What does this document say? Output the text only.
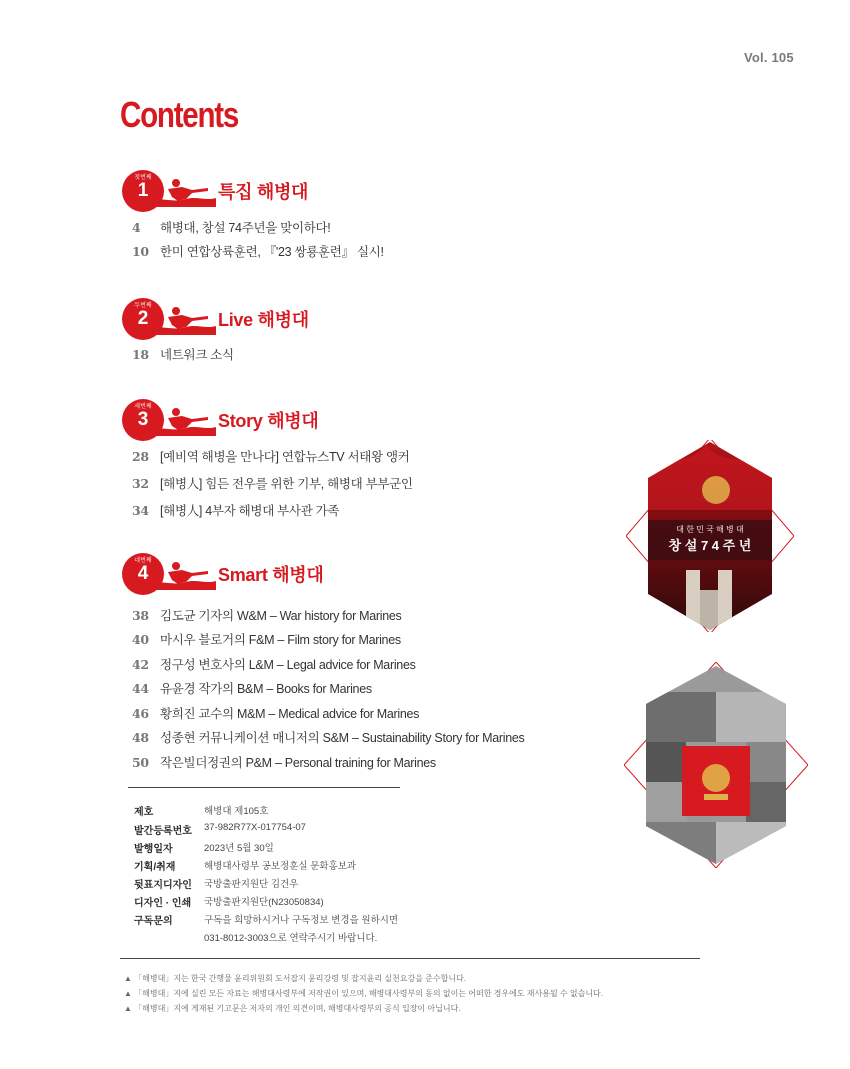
Vol. 105
Contents
첫번째
1	특집 해병대
4 해병대, 창설 74주년을 맞이하다!
10 한미 연합상륙훈련, 『'23 쌍룡훈련』 실시!
두번째
2	Live 해병대
18 네트워크 소식
세번째
3	Story 해병대
28 [예비역 해병을 만나다] 연합뉴스TV 서태왕 앵커
32 [해병人] 힘든 전우를 위한 기부, 해병대 부부군인
34 [해병人] 4부자 해병대 부사관 가족
네번째
4	Smart 해병대
38 김도균 기자의 W&M – War history for Marines
40 마시우 블로거의 F&M – Film story for Marines
42 정구성 변호사의 L&M – Legal advice for Marines
44 유윤경 작가의 B&M – Books for Marines
46 황희진 교수의 M&M – Medical advice for Marines
48 성종현 커뮤니케이션 매니저의 S&M – Sustainability Story for Marines
50 작은빌더정권의 P&M – Personal training for Marines
제호	해병대 제105호
발간등록번호	37-982R77X-017754-07
발행일자	2023년 5월 30일
기획/취재	해병대사령부 공보정훈실 문화홍보과
뒷표지디자인	국방출판지원단 김건우
디자인 · 인쇄	국방출판지원단(N23050834)
구독문의	구독을 희망하시거나 구독정보 변경을 원하시면
031-8012-3003으로 연락주시기 바랍니다.
▲ 「해병대」지는 한국 간행물 윤리위원회 도서잡지 윤리강령 및 잡지윤리 실천요강을 준수합니다.
▲ 「해병대」지에 실린 모든 자료는 해병대사령부에 저작권이 있으며, 해병대사령부의 동의 없이는 어떠한 경우에도 재사용될 수 없습니다.
▲ 「해병대」지에 게재된 기고문은 저자의 개인 의견이며, 해병대사령부의 공식 입장이 아닙니다.
대 한 민 국 해 병 대
창 설 7 4 주 년
